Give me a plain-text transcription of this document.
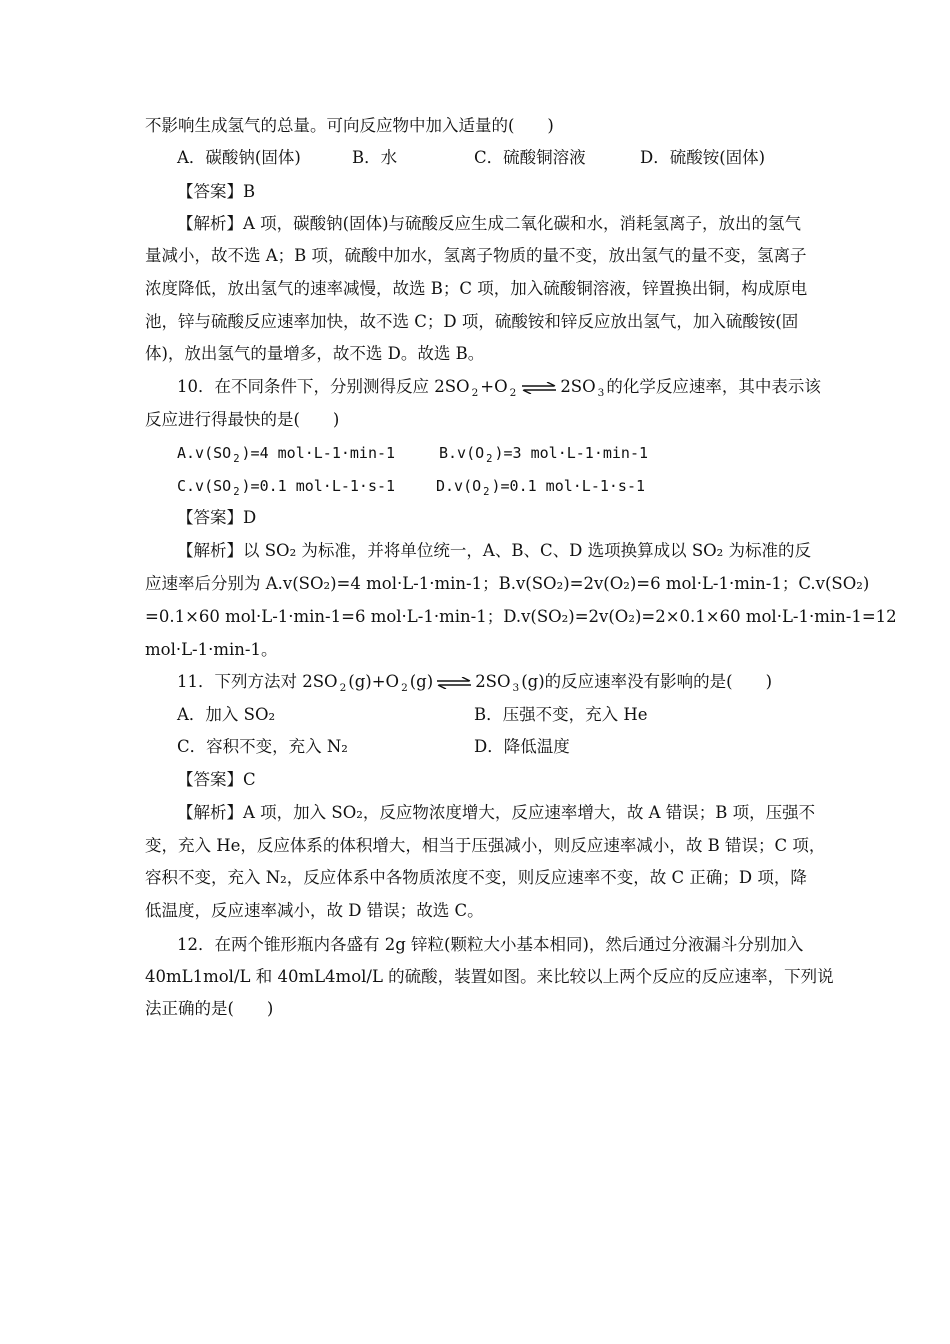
不影响生成氢气的总量。可向反应物中加入适量的(　　)
A．碳酸钠(固体)	B．水	C．硫酸铜溶液	D．硫酸铵(固体)
【答案】B
【解析】A 项，碳酸钠(固体)与硫酸反应生成二氧化碳和水，消耗氢离子，放出的氢气
量减小，故不选 A；B 项，硫酸中加水，氢离子物质的量不变，放出氢气的量不变，氢离子
浓度降低，放出氢气的速率减慢，故选 B；C 项，加入硫酸铜溶液，锌置换出铜，构成原电
池，锌与硫酸反应速率加快，故不选 C；D 项，硫酸铵和锌反应放出氢气，加入硫酸铵(固
体)，放出氢气的量增多，故不选 D。故选 B。
10．在不同条件下，分别测得反应 2SO $_2$ +O $_2$ ⇌ 2SO $_3$ 的化学反应速率，其中表示该
反应进行得最快的是(　　)
A.v(SO $_2$ )=4 mol·L-1·min-1	B.v(O $_2$ )=3 mol·L-1·min-1
C.v(SO $_2$ )=0.1 mol·L-1·s-1	D.v(O $_2$ )=0.1 mol·L-1·s-1
【答案】D
【解析】以 SO₂ 为标准，并将单位统一，A、B、C、D 选项换算成以 SO₂ 为标准的反
应速率后分别为 A.v(SO₂)=4 mol·L-1·min-1；B.v(SO₂)=2v(O₂)=6 mol·L-1·min-1；C.v(SO₂)
=0.1×60 mol·L-1·min-1=6 mol·L-1·min-1；D.v(SO₂)=2v(O₂)=2×0.1×60 mol·L-1·min-1=12
mol·L-1·min-1。
11．下列方法对 2SO $_2$ (g)+O $_2$ (g) ⇌ 2SO $_3$ (g)的反应速率没有影响的是(　　)
A．加入 SO₂	B．压强不变，充入 He
C．容积不变，充入 N₂	D．降低温度
【答案】C
【解析】A 项，加入 SO₂，反应物浓度增大，反应速率增大，故 A 错误；B 项，压强不
变，充入 He，反应体系的体积增大，相当于压强减小，则反应速率减小，故 B 错误；C 项，
容积不变，充入 N₂，反应体系中各物质浓度不变，则反应速率不变，故 C 正确；D 项，降
低温度，反应速率减小，故 D 错误；故选 C。
12．在两个锥形瓶内各盛有 2g 锌粒(颗粒大小基本相同)，然后通过分液漏斗分别加入
40mL1mol/L 和 40mL4mol/L 的硫酸，装置如图。来比较以上两个反应的反应速率，下列说
法正确的是(　　)
